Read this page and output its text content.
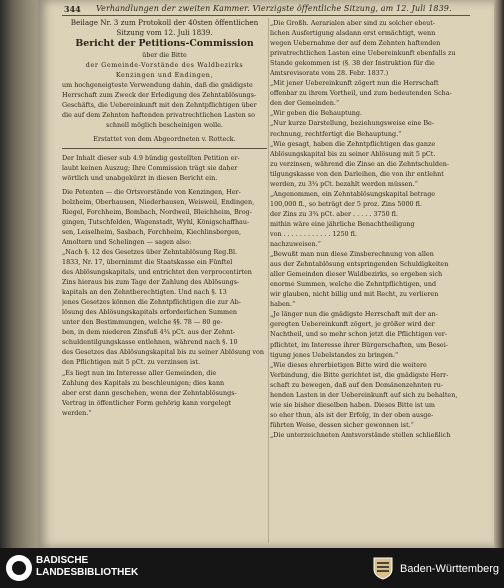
344 Verhandlungen der zweiten Kammer. Vierzigste öffentliche Sitzung, am 12. Juli 1839.
Beilage Nr. 3 zum Protokoll der 40sten öffentlichen
Sitzung vom 12. Juli 1839.
Bericht der Petitions-Commission
über die Bitte
der Gemeinde-Vorstände des Waldbezirks
Kenzingen und Endingen,
um hochgeneigteste Verwendung dahin, daß die gnädigste
Herrschaft zum Zweck der Erledigung des Zehntablösungs-
Geschäfts, die Uebereinkunft mit den Zehntpflichtigen über
die auf dem Zehnten haftenden privatrechtlichen Lasten so
schnell möglich bescheinigen wolle.
Erstattet von dem Abgeordneten v. Rotteck.
Der Inhalt dieser sub 4.9 bündig gestellten Petition er-
laubt keinen Auszug; Ihre Commission trägt sie daher
wörtlich und unabgekürzt in diesen Bericht ein.
Die Petenten — die Ortsvorstände von Kenzingen, Her-
bolzheim, Oberhausen, Niederhausen, Weisweil, Endingen,
Riegel, Forchheim, Bombach, Nordweil, Bleichheim, Brog-
gingen, Tutschfelden, Wagenstadt, Wyhl, Königschaffhau-
sen, Leiselheim, Sasbach, Forchheim, Kiechlinsbergen,
Amoltern und Schelingen — sagen also:
„Nach §. 12 des Gesetzes über Zehntablösung Reg.Bl.
1833, Nr. 17, übernimmt die Staatskasse ein Fünftel
des Ablösungskapitals, und entrichtet den verprocentirten
Zins hieraus bis zum Tage der Zahlung des Ablösungs-
kapitals an den Zehntberechtigten. Und nach §. 13
jenes Gesetzes können die Zehntpflichtigen die zur Ab-
lösung des Ablösungskapitals erforderlichen Summen
unter den Bestimmungen, welche §§. 78 — 80 ge-
ben, in dem niederen Zinsfuß 4¾ pCt. aus der Zehnt-
schuldentilgungskasse entlehnen, während nach §. 10
des Gesetzes das Ablösungskapital bis zu seiner Ablösung von
den Pflichtigen mit 5 pCt. zu verzinsen ist.
„Es liegt nun im Interesse aller Gemeinden, die
Zahlung des Kapitals zu beschleunigen; dies kann
aber erst dann geschehen, wenn der Zehntablösungs-
Vertrag in öffentlicher Form gehörig kann vorgelegt
werden.“
„Die Großh. Aerarialen aber sind zu solcher ebeut-
lichen Ausfertigung alsdann erst ermächtigt, wenn
wegen Uebernahme der auf dem Zehnten haftenden
privatrechtlichen Lasten eine Uebereinkunft ebenfalls zu
Stande gekommen ist (§. 38 der Instruktion für die
Amtsrevisorate vom 28. Febr. 1837.)
„Mit jener Uebereinkunft zögert nun die Herrschaft
offenbar zu ihrem Vortheil, und zum bedeutenden Scha-
den der Gemeinden.“
„Wir geben die Behauptung.
„Nur kurze Darstellung, beziehungsweise eine Be-
rechnung, rechtfertigt die Behauptung.“
„Wie gesagt, haben die Zehntpflichtigen das ganze
Ablösungskapital bis zu seiner Ablösung mit 5 pCt.
zu verzinsen, während die Zinse an die Zehntschulden-
tilgungskasse von den Darleihen, die von ihr entlehnt
werden, zu 3¾ pCt. bezahlt werden müssen.“
„Angenommen, ein Zehntablösungskapital betrage
100,000 fl., so beträgt der 5 proz. Zins 5000 fl.
der Zins zu 3¾ pCt. aber . . . . . 3750 fl.
mithin wäre eine jährliche Benachtheiligung
von . . . . . . . . . . . . 1250 fl.
nachzuweisen.“
„Bewußt man nun diese Zinsberechnung von allen
aus der Zehntablösung entspringenden Schuldigkeiten
aller Gemeinden dieser Waldbezirks, so ergeben sich
enorme Summen, welche die Zehntpflichtigen, und
wir glauben, nicht billig und mit Recht, zu verlieren
haben.“
„Je länger nun die gnädigste Herrschaft mit der an-
geregten Uebereinkunft zögert, je größer wird der
Nachtheil, und so mehr schon jetzt die Pflichtigen ver-
pflichtet, im Interesse ihrer Bürgerschaften, um Besei-
tigung jenes Uebelstandes zu bringen.“
„Wie dieses ehrerbietigen Bitte wird die weitere
Verbindung, die Bitte gerichtet ist, die gnädigste Herr-
schaft zu bewegen, daß auf den Domänenzehnten ru-
henden Lasten in der Uebereinkunft auf sich zu behalten,
wie sie bisher dieselben haben. Dieses Bitte ist um
so eher thun, als ist der Erfolg, in der oben ausge-
führten Weise, dessen sicher gewonnen ist.“
„Die unterzeichneten Amtsvorstände stellen schließlich
BADISCHE
LANDESBIBLIOTHEK	Baden-Württemberg
